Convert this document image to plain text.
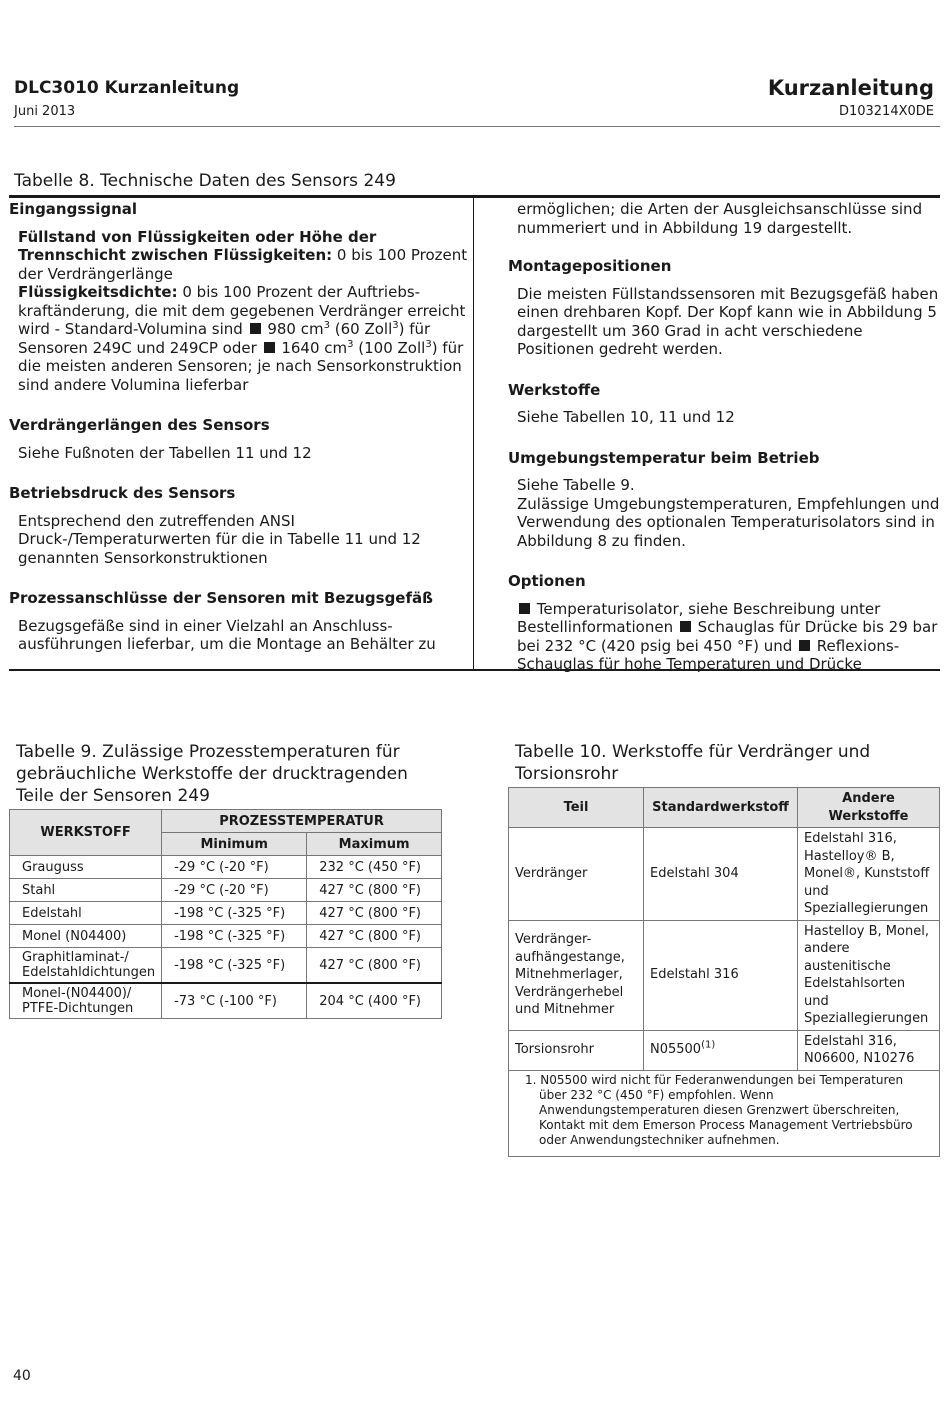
DLC3010 Kurzanleitung
Juni 2013
Kurzanleitung
D103214X0DE
Tabelle 8. Technische Daten des Sensors 249
Eingangssignal

Füllstand von Flüssigkeiten oder Höhe der Trennschicht zwischen Flüssigkeiten: 0 bis 100 Prozent der Verdrängerlänge

Flüssigkeitsdichte: 0 bis 100 Prozent der Auftriebs-kraftänderung, die mit dem gegebenen Verdränger erreicht wird - Standard-Volumina sind  980 $cm^3$ (60 Zoll$^3$) für Sensoren 249C und 249CP oder  1640 $cm^3$ (100 Zoll$^3$) für die meisten anderen Sensoren; je nach Sensorkonstruktion sind andere Volumina lieferbar

Verdrängerlängen des Sensors
Siehe Fußnoten der Tabellen 11 und 12
Betriebsdruck des Sensors
Entsprechend den zutreffenden ANSI Druck-/Temperaturwerten für die in Tabelle 11 und 12 genannten Sensorkonstruktionen
Prozessanschlüsse der Sensoren mit Bezugsgefäß
Bezugsgefäße sind in einer Vielzahl an Anschluss-ausführungen lieferbar, um die Montage an Behälter zu
ermöglichen; die Arten der Ausgleichsanschlüsse sind nummeriert und in Abbildung 19 dargestellt.
Montagepositionen
Die meisten Füllstandssensoren mit Bezugsgefäß haben einen drehbaren Kopf. Der Kopf kann wie in Abbildung 5 dargestellt um 360 Grad in acht verschiedene Positionen gedreht werden.
Werkstoffe
Siehe Tabellen 10, 11 und 12
Umgebungstemperatur beim Betrieb

Siehe Tabelle 9.

Zulässige Umgebungstemperaturen, Empfehlungen und Verwendung des optionalen Temperaturisolators sind in Abbildung 8 zu finden.

Optionen
Temperaturisolator, siehe Beschreibung unter Bestellinformationen  Schauglas für Drücke bis 29 bar bei 232 °C (420 psig bei 450 °F) und  Reflexions-Schauglas für hohe Temperaturen und Drücke
Tabelle 9. Zulässige Prozesstemperaturen für gebräuchliche Werkstoffe der drucktragenden Teile der Sensoren 249
WERKSTOFF	PROZESSTEMPERATUR	
	Minimum	Maximum
Grauguss	-29 °C (-20 °F)	232 °C (450 °F)
Stahl	-29 °C (-20 °F)	427 °C (800 °F)
Edelstahl	-198 °C (-325 °F)	427 °C (800 °F)
Monel (N04400)	-198 °C (-325 °F)	427 °C (800 °F)
Graphitlaminat-/ Edelstahldichtungen	-198 °C (-325 °F)	427 °C (800 °F)
Monel-(N04400)/ PTFE-Dichtungen	-73 °C (-100 °F)	204 °C (400 °F)
Tabelle 10. Werkstoffe für Verdränger und Torsionsrohr
Teil	Standardwerkstoff	Andere Werkstoffe
Verdränger	Edelstahl 304	Edelstahl 316, Hastelloy® B, Monel®, Kunststoff und Speziallegierungen
Verdränger-aufhängestange, Mitnehmerlager, Verdrängerhebel und Mitnehmer	Edelstahl 316	Hastelloy B, Monel, andere austenitische Edelstahlsorten und Speziallegierungen
Torsionsrohr	N05500$^{(1)}$	Edelstahl 316, N06600, N10276
1. N05500 wird nicht für Federanwendungen bei Temperaturen über 232 °C (450 °F) empfohlen. Wenn Anwendungstemperaturen diesen Grenzwert überschreiten, Kontakt mit dem Emerson Process Management Vertriebsbüro oder Anwendungstechniker aufnehmen.		
40
